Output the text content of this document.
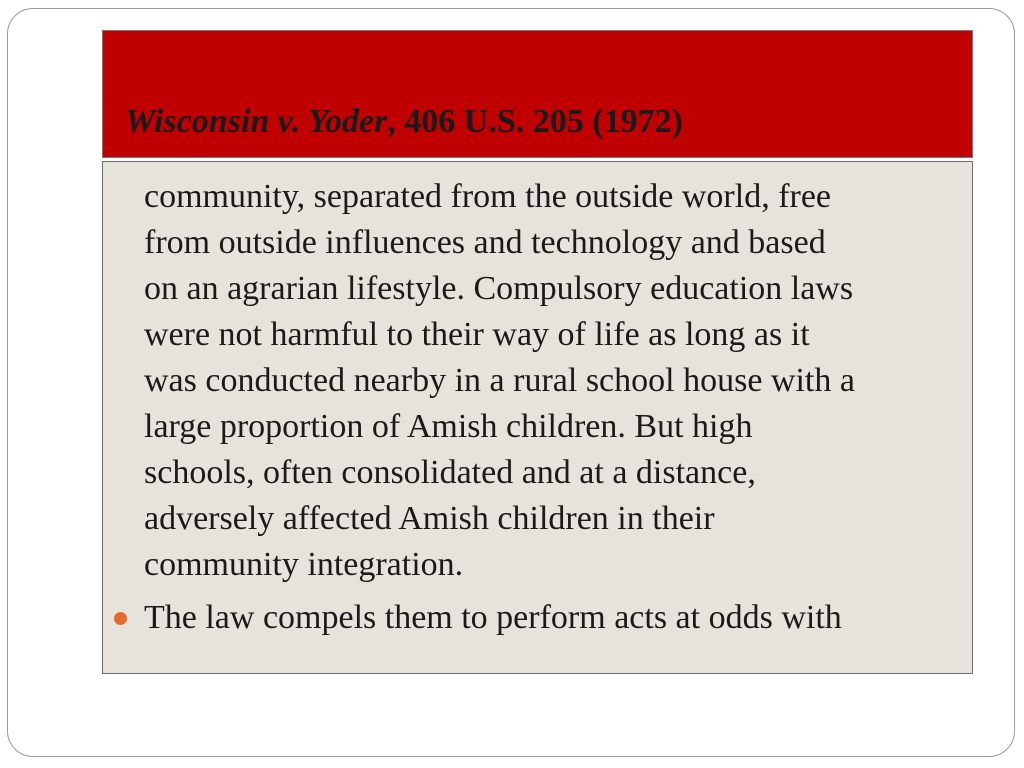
Wisconsin v. Yoder, 406 U.S. 205 (1972)

community, separated from the outside world, free
from outside influences and technology and based
on an agrarian lifestyle. Compulsory education laws
were not harmful to their way of life as long as it
was conducted nearby in a rural school house with a
large proportion of Amish children. But high
schools, often consolidated and at a distance,
adversely affected Amish children in their
community integration.

The law compels them to perform acts at odds with
